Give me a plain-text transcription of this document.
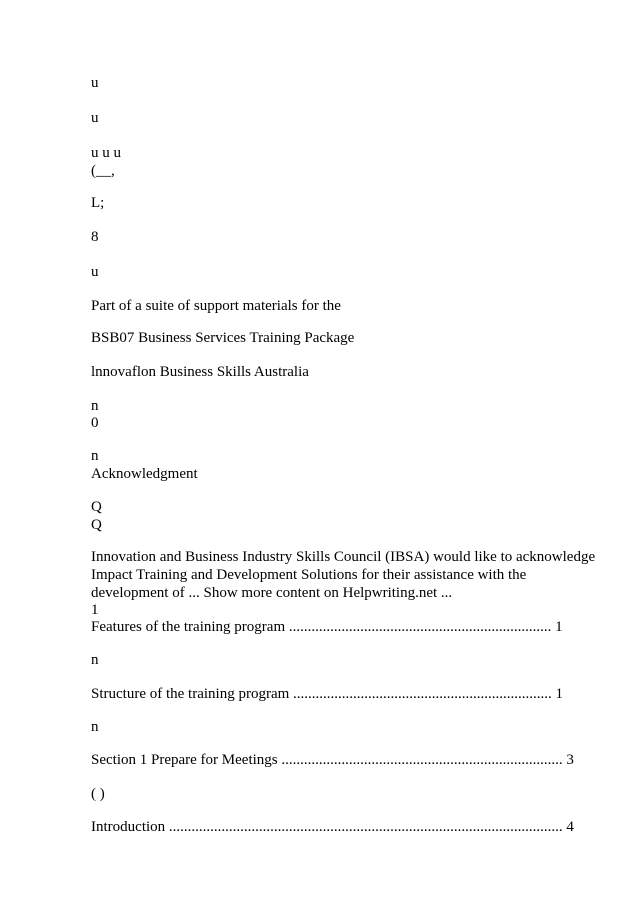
u
u
u u u
(__,
L;
8
u
Part of a suite of support materials for the
BSB07 Business Services Training Package
lnnovaflon Business Skills Australia
n
0
n
Acknowledgment
Q
Q
Innovation and Business Industry Skills Council (IBSA) would like to acknowledge
Impact Training and Development Solutions for their assistance with the
development of ... Show more content on Helpwriting.net ...
1
Features of the training program ...................................................................... 1
n
Structure of the training program ..................................................................... 1
n
Section 1 Prepare for Meetings ........................................................................... 3
( )
Introduction ......................................................................................................... 4
